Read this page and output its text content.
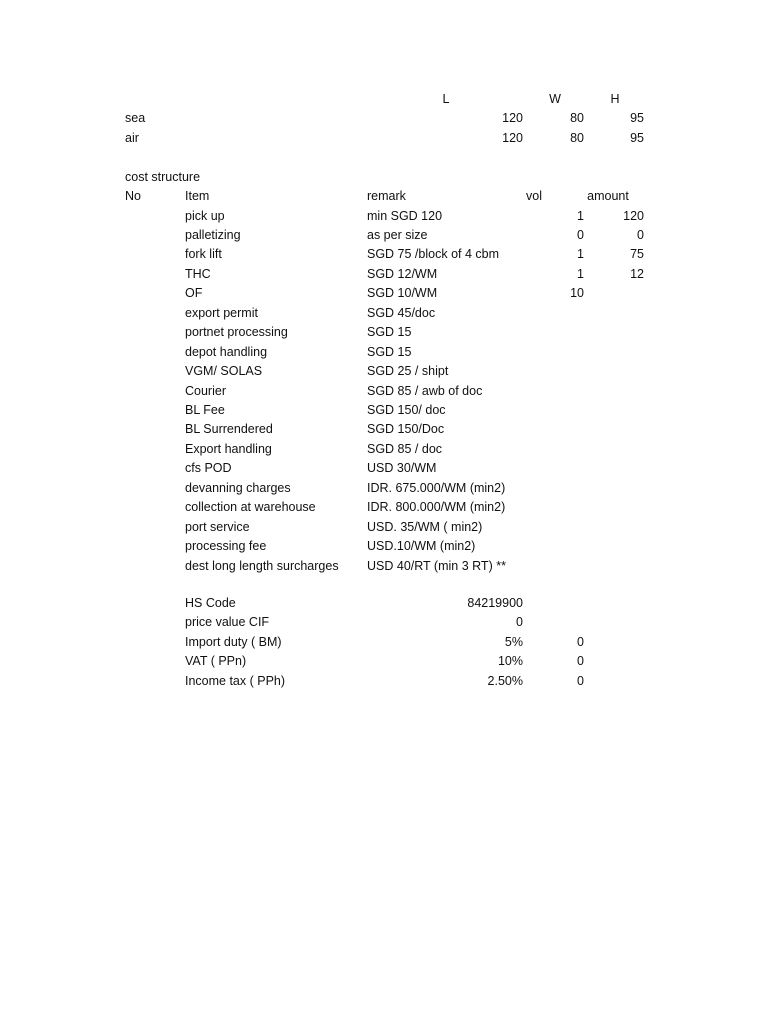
L	W	H
sea	120	80	95
air	120	80	95
cost structure
No	Item	remark	vol	amount
pick up	min SGD 120	1	120
palletizing	as per size	0	0
fork lift	SGD 75 /block of 4 cbm	1	75
THC	SGD 12/WM	1	12
OF	SGD 10/WM	10
export permit	SGD 45/doc
portnet processing	SGD 15
depot handling	SGD 15
VGM/ SOLAS	SGD 25 / shipt
Courier	SGD 85 / awb of doc
BL Fee	SGD 150/ doc
BL Surrendered	SGD 150/Doc
Export handling	SGD 85 / doc
cfs POD	USD 30/WM
devanning charges	IDR. 675.000/WM (min2)
collection at warehouse	IDR. 800.000/WM (min2)
port service	USD. 35/WM ( min2)
processing fee	USD.10/WM (min2)
dest long length surcharges USD 40/RT (min 3 RT) **
HS Code	84219900
price value CIF	0
Import duty ( BM)	5%	0
VAT ( PPn)	10%	0
Income tax ( PPh)	2.50%	0
